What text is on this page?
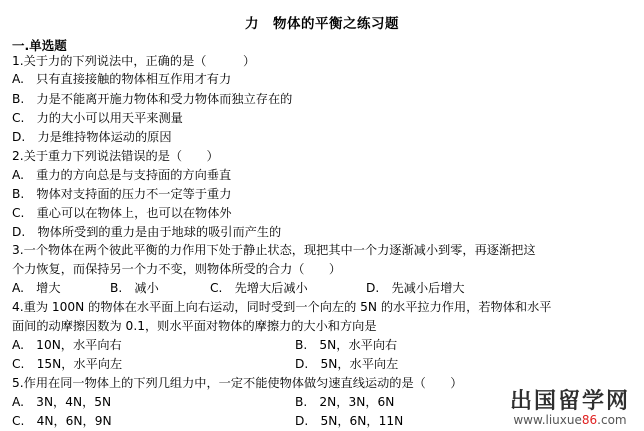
力　物体的平衡之练习题
一.单选题
1.关于力的下列说法中，正确的是（　　　）
A.　只有直接接触的物体相互作用才有力
B.　力是不能离开施力物体和受力物体而独立存在的
C.　力的大小可以用天平来测量
D.　力是维持物体运动的原因
2.关于重力下列说法错误的是（　　）
A.　重力的方向总是与支持面的方向垂直
B.　物体对支持面的压力不一定等于重力
C.　重心可以在物体上，也可以在物体外
D.　物体所受到的重力是由于地球的吸引而产生的
3.一个物体在两个彼此平衡的力作用下处于静止状态，现把其中一个力逐渐减小到零，再逐渐把这
个力恢复，而保持另一个力不变，则物体所受的合力（　　）
A.　增大	B.　减小	C.　先增大后减小	D.　先减小后增大
4.重为 100N 的物体在水平面上向右运动，同时受到一个向左的 5N 的水平拉力作用，若物体和水平
面间的动摩擦因数为 0.1，则水平面对物体的摩擦力的大小和方向是
A.　10N，水平向右	B.　5N，水平向右
C.　15N，水平向左	D.　5N，水平向左
5.作用在同一物体上的下列几组力中，一定不能使物体做匀速直线运动的是（　　）
A.　3N，4N，5N	B.　2N，3N，6N
C.　4N，6N，9N	D.　5N，6N，11N
出国留学网
www.liuxue86.com
